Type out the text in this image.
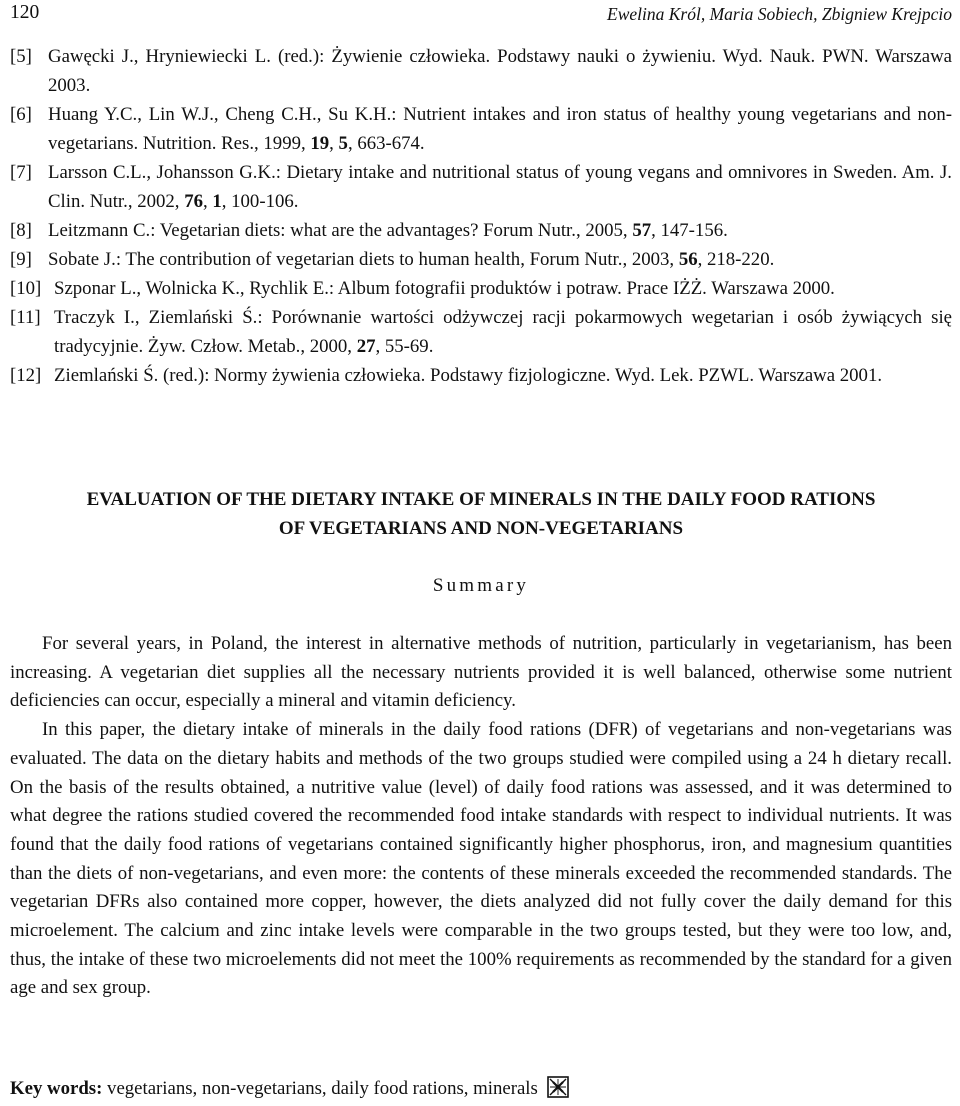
120	Ewelina Król, Maria Sobiech, Zbigniew Krejpcio

[5] Gawęcki J., Hryniewiecki L. (red.): Żywienie człowieka. Podstawy nauki o żywieniu. Wyd. Nauk. PWN. Warszawa 2003.

[6] Huang Y.C., Lin W.J., Cheng C.H., Su K.H.: Nutrient intakes and iron status of healthy young vegetarians and non-vegetarians. Nutrition. Res., 1999, 19, 5, 663-674.

[7] Larsson C.L., Johansson G.K.: Dietary intake and nutritional status of young vegans and omnivores in Sweden. Am. J. Clin. Nutr., 2002, 76, 1, 100-106.

[8] Leitzmann C.: Vegetarian diets: what are the advantages? Forum Nutr., 2005, 57, 147-156.

[9] Sobate J.: The contribution of vegetarian diets to human health, Forum Nutr., 2003, 56, 218-220.

[10] Szponar L., Wolnicka K., Rychlik E.: Album fotografii produktów i potraw. Prace IŻŻ. Warszawa 2000.

[11] Traczyk I., Ziemlański Ś.: Porównanie wartości odżywczej racji pokarmowych wegetarian i osób żywiących się tradycyjnie. Żyw. Człow. Metab., 2000, 27, 55-69.

[12] Ziemlański Ś. (red.): Normy żywienia człowieka. Podstawy fizjologiczne. Wyd. Lek. PZWL. Warszawa 2001.

EVALUATION OF THE DIETARY INTAKE OF MINERALS IN THE DAILY FOOD RATIONS
OF VEGETARIANS AND NON-VEGETARIANS
Summary

For several years, in Poland, the interest in alternative methods of nutrition, particularly in vegetarianism, has been increasing. A vegetarian diet supplies all the necessary nutrients provided it is well balanced, otherwise some nutrient deficiencies can occur, especially a mineral and vitamin deficiency.

In this paper, the dietary intake of minerals in the daily food rations (DFR) of vegetarians and non-vegetarians was evaluated. The data on the dietary habits and methods of the two groups studied were compiled using a 24 h dietary recall. On the basis of the results obtained, a nutritive value (level) of daily food rations was assessed, and it was determined to what degree the rations studied covered the recommended food intake standards with respect to individual nutrients. It was found that the daily food rations of vegetarians contained significantly higher phosphorus, iron, and magnesium quantities than the diets of non-vegetarians, and even more: the contents of these minerals exceeded the recommended standards. The vegetarian DFRs also contained more copper, however, the diets analyzed did not fully cover the daily demand for this microelement. The calcium and zinc intake levels were comparable in the two groups tested, but they were too low, and, thus, the intake of these two microelements did not meet the 100% requirements as recommended by the standard for a given age and sex group.

Key words: vegetarians, non-vegetarians, daily food rations, minerals
